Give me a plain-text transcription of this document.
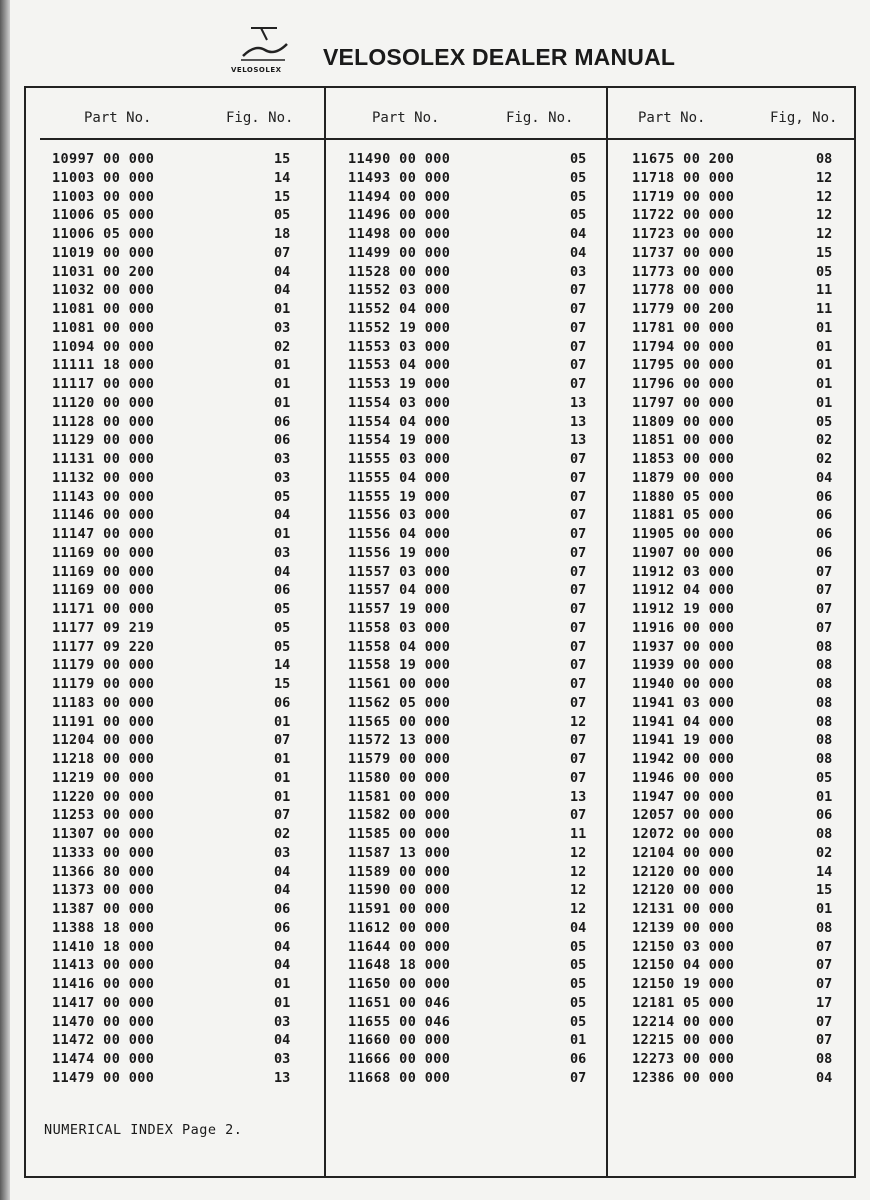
VELOSOLEX VELOSOLEX DEALER MANUAL
Part No.	Fig. No.
10997 00 000	15
11003 00 000	14
11003 00 000	15
11006 05 000	05
11006 05 000	18
11019 00 000	07
11031 00 200	04
11032 00 000	04
11081 00 000	01
11081 00 000	03
11094 00 000	02
11111 18 000	01
11117 00 000	01
11120 00 000	01
11128 00 000	06
11129 00 000	06
11131 00 000	03
11132 00 000	03
11143 00 000	05
11146 00 000	04
11147 00 000	01
11169 00 000	03
11169 00 000	04
11169 00 000	06
11171 00 000	05
11177 09 219	05
11177 09 220	05
11179 00 000	14
11179 00 000	15
11183 00 000	06
11191 00 000	01
11204 00 000	07
11218 00 000	01
11219 00 000	01
11220 00 000	01
11253 00 000	07
11307 00 000	02
11333 00 000	03
11366 80 000	04
11373 00 000	04
11387 00 000	06
11388 18 000	06
11410 18 000	04
11413 00 000	04
11416 00 000	01
11417 00 000	01
11470 00 000	03
11472 00 000	04
11474 00 000	03
11479 00 000	13
Part No.	Fig. No.
11490 00 000	05
11493 00 000	05
11494 00 000	05
11496 00 000	05
11498 00 000	04
11499 00 000	04
11528 00 000	03
11552 03 000	07
11552 04 000	07
11552 19 000	07
11553 03 000	07
11553 04 000	07
11553 19 000	07
11554 03 000	13
11554 04 000	13
11554 19 000	13
11555 03 000	07
11555 04 000	07
11555 19 000	07
11556 03 000	07
11556 04 000	07
11556 19 000	07
11557 03 000	07
11557 04 000	07
11557 19 000	07
11558 03 000	07
11558 04 000	07
11558 19 000	07
11561 00 000	07
11562 05 000	07
11565 00 000	12
11572 13 000	07
11579 00 000	07
11580 00 000	07
11581 00 000	13
11582 00 000	07
11585 00 000	11
11587 13 000	12
11589 00 000	12
11590 00 000	12
11591 00 000	12
11612 00 000	04
11644 00 000	05
11648 18 000	05
11650 00 000	05
11651 00 046	05
11655 00 046	05
11660 00 000	01
11666 00 000	06
11668 00 000	07
Part No.	Fig, No.
11675 00 200	08
11718 00 000	12
11719 00 000	12
11722 00 000	12
11723 00 000	12
11737 00 000	15
11773 00 000	05
11778 00 000	11
11779 00 200	11
11781 00 000	01
11794 00 000	01
11795 00 000	01
11796 00 000	01
11797 00 000	01
11809 00 000	05
11851 00 000	02
11853 00 000	02
11879 00 000	04
11880 05 000	06
11881 05 000	06
11905 00 000	06
11907 00 000	06
11912 03 000	07
11912 04 000	07
11912 19 000	07
11916 00 000	07
11937 00 000	08
11939 00 000	08
11940 00 000	08
11941 03 000	08
11941 04 000	08
11941 19 000	08
11942 00 000	08
11946 00 000	05
11947 00 000	01
12057 00 000	06
12072 00 000	08
12104 00 000	02
12120 00 000	14
12120 00 000	15
12131 00 000	01
12139 00 000	08
12150 03 000	07
12150 04 000	07
12150 19 000	07
12181 05 000	17
12214 00 000	07
12215 00 000	07
12273 00 000	08
12386 00 000	04
NUMERICAL INDEX Page 2.
